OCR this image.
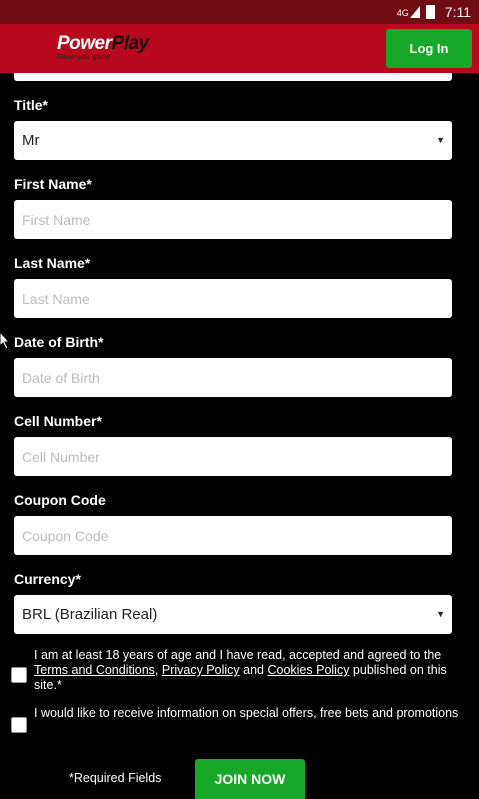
4G	7:11
PowerPlay
Raise your game
Log In
Title*
Mr	▼
First Name*
First Name
Last Name*
Last Name
Date of Birth*
Date of Birth
Cell Number*
Cell Number
Coupon Code
Coupon Code
Currency*
BRL (Brazilian Real)	▼
I am at least 18 years of age and I have read, accepted and agreed to the Terms and Conditions, Privacy Policy and Cookies Policy published on this site.*
I would like to receive information on special offers, free bets and promotions
*Required Fields	JOIN NOW
